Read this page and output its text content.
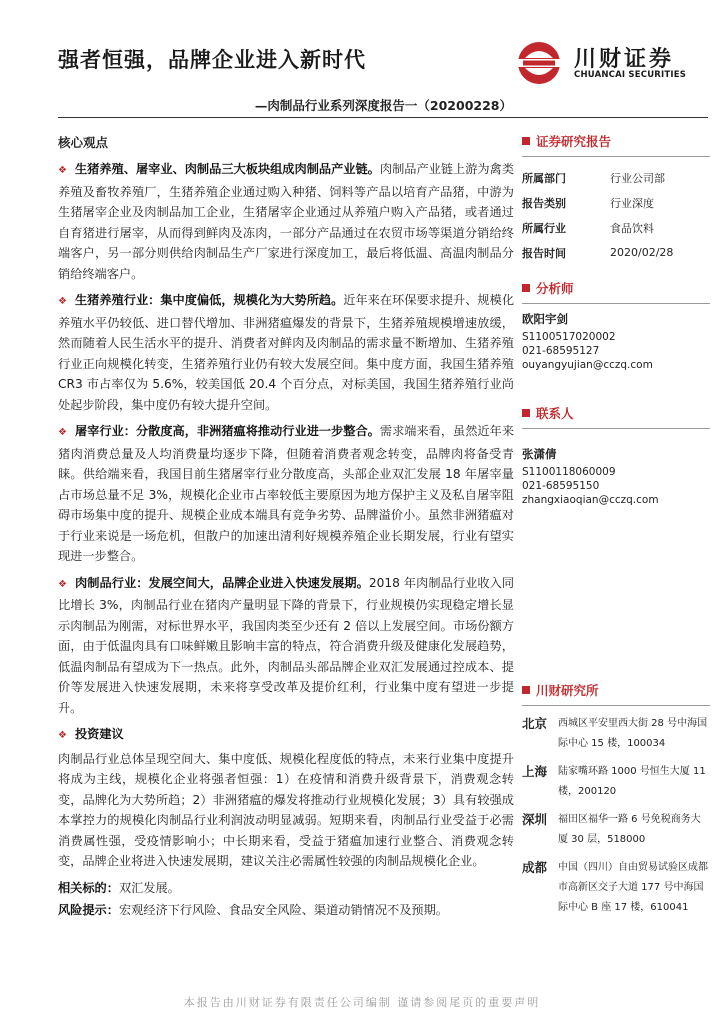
强者恒强，品牌企业进入新时代	川财证券
CHUANCAI SECURITIES
—肉制品行业系列深度报告一（20200228）
核心观点

❖ 生猪养殖、屠宰业、肉制品三大板块组成肉制品产业链。肉制品产业链上游为禽类养殖及畜牧养殖厂，生猪养殖企业通过购入种猪、饲料等产品以培育产品猪，中游为生猪屠宰企业及肉制品加工企业，生猪屠宰企业通过从养殖户购入产品猪，或者通过自育猪进行屠宰，从而得到鲜肉及冻肉，一部分产品通过在农贸市场等渠道分销给终端客户，另一部分则供给肉制品生产厂家进行深度加工，最后将低温、高温肉制品分销给终端客户。

❖ 生猪养殖行业：集中度偏低，规模化为大势所趋。近年来在环保要求提升、规模化养殖水平仍较低、进口替代增加、非洲猪瘟爆发的背景下，生猪养殖规模增速放缓，然而随着人民生活水平的提升、消费者对鲜肉及肉制品的需求量不断增加、生猪养殖行业正向规模化转变，生猪养殖行业仍有较大发展空间。集中度方面，我国生猪养殖 CR3 市占率仅为 5.6%，较美国低 20.4 个百分点，对标美国，我国生猪养殖行业尚处起步阶段，集中度仍有较大提升空间。

❖ 屠宰行业：分散度高，非洲猪瘟将推动行业进一步整合。需求端来看，虽然近年来猪肉消费总量及人均消费量均逐步下降，但随着消费者观念转变，品牌肉将备受青睐。供给端来看，我国目前生猪屠宰行业分散度高，头部企业双汇发展 18 年屠宰量占市场总量不足 3%，规模化企业市占率较低主要原因为地方保护主义及私自屠宰阻碍市场集中度的提升、规模企业成本端具有竞争劣势、品牌溢价小。虽然非洲猪瘟对于行业来说是一场危机，但散户的加速出清利好规模养殖企业长期发展，行业有望实现进一步整合。

❖ 肉制品行业：发展空间大，品牌企业进入快速发展期。2018 年肉制品行业收入同比增长 3%，肉制品行业在猪肉产量明显下降的背景下，行业规模仍实现稳定增长显示肉制品为刚需，对标世界水平，我国肉类至少还有 2 倍以上发展空间。市场份额方面，由于低温肉具有口味鲜嫩且影响丰富的特点，符合消费升级及健康化发展趋势，低温肉制品有望成为下一热点。此外，肉制品头部品牌企业双汇发展通过控成本、提价等发展进入快速发展期，未来将享受改革及提价红利，行业集中度有望进一步提升。

❖ 投资建议

肉制品行业总体呈现空间大、集中度低、规模化程度低的特点，未来行业集中度提升将成为主线，规模化企业将强者恒强：1）在疫情和消费升级背景下，消费观念转变，品牌化为大势所趋；2）非洲猪瘟的爆发将推动行业规模化发展；3）具有较强成本掌控力的规模化肉制品行业利润波动明显减弱。短期来看，肉制品行业受益于必需消费属性强，受疫情影响小；中长期来看，受益于猪瘟加速行业整合、消费观念转变，品牌企业将进入快速发展期，建议关注必需属性较强的肉制品规模化企业。

相关标的：双汇发展。

风险提示：宏观经济下行风险、食品安全风险、渠道动销情况不及预期。

证券研究报告
所属部门	行业公司部
报告类别	行业深度
所属行业	食品饮料
报告时间	2020/02/28
分析师
欧阳宇剑
S1100517020002
021-68595127
ouyangyujian@cczq.com
联系人
张潇倩
S1100118060009
021-68595150
zhangxiaoqian@cczq.com
川财研究所
北京	西城区平安里西大街 28 号中海国际中心 15 楼，100034
上海	陆家嘴环路 1000 号恒生大厦 11 楼，200120
深圳	福田区福华一路 6 号免税商务大厦 30 层，518000
成都	中国（四川）自由贸易试验区成都市高新区交子大道 177 号中海国际中心 B 座 17 楼，610041
本报告由川财证券有限责任公司编制 谨请参阅尾页的重要声明
